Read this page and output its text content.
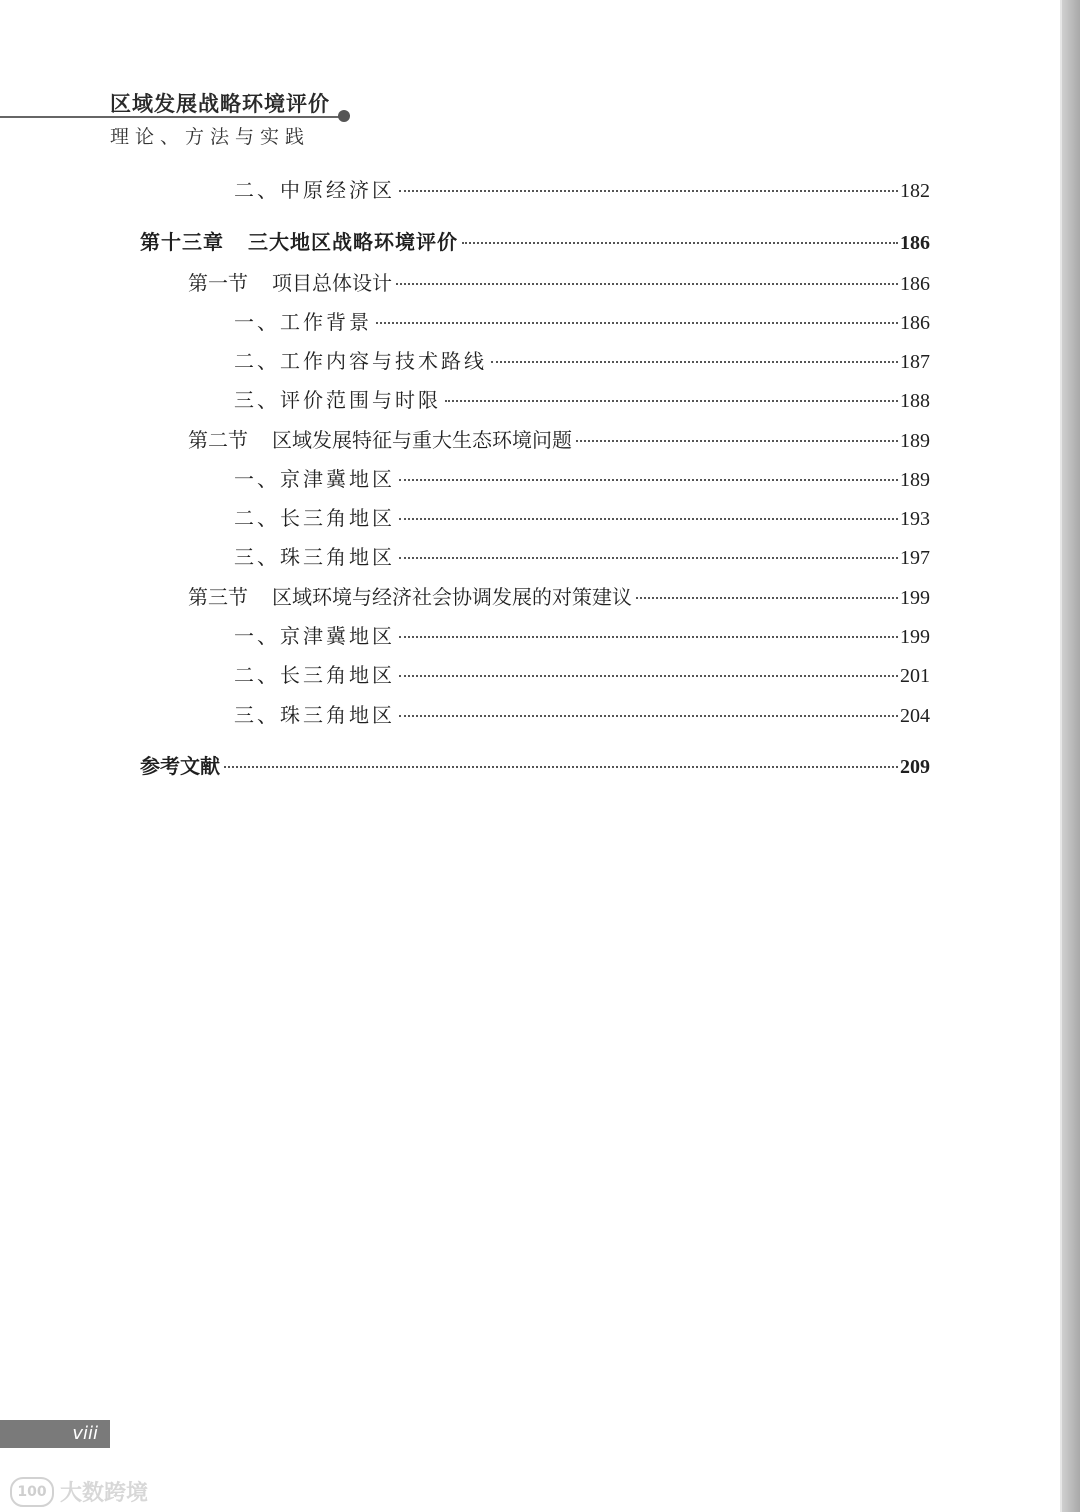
区域发展战略环境评价
理论、方法与实践
二、中原经济区	182
第十三章 三大地区战略环境评价	186
第一节 项目总体设计	186
一、工作背景	186
二、工作内容与技术路线	187
三、评价范围与时限	188
第二节 区域发展特征与重大生态环境问题	189
一、京津冀地区	189
二、长三角地区	193
三、珠三角地区	197
第三节 区域环境与经济社会协调发展的对策建议	199
一、京津冀地区	199
二、长三角地区	201
三、珠三角地区	204
参考文献	209
viii
100 大数跨境
